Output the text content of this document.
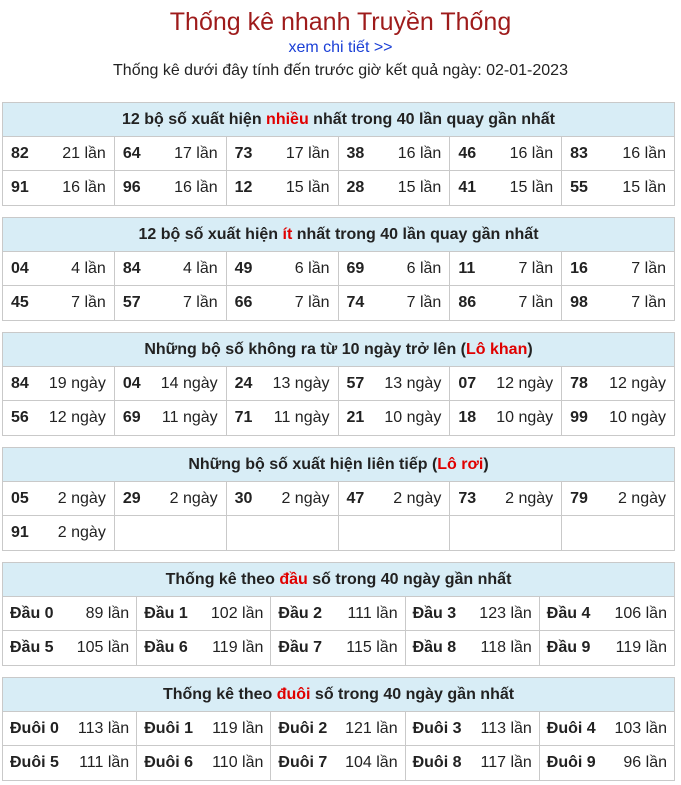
Thống kê nhanh Truyền Thống
xem chi tiết >>
Thống kê dưới đây tính đến trước giờ kết quả ngày: 02-01-2023
12 bộ số xuất hiện nhiều nhất trong 40 lần quay gần nhất
82	21 lần 64	17 lần 73	17 lần 38	16 lần 46	16 lần 83	16 lần
91	16 lần 96	16 lần 12	15 lần 28	15 lần 41	15 lần 55	15 lần
12 bộ số xuất hiện ít nhất trong 40 lần quay gần nhất
04	4 lần 84	4 lần 49	6 lần 69	6 lần 11	7 lần 16	7 lần
45	7 lần 57	7 lần 66	7 lần 74	7 lần 86	7 lần 98	7 lần
Những bộ số không ra từ 10 ngày trở lên (Lô khan)
84	19 ngày 04	14 ngày 24	13 ngày 57	13 ngày 07	12 ngày 78	12 ngày
56	12 ngày 69	11 ngày 71	11 ngày 21	10 ngày 18	10 ngày 99	10 ngày
Những bộ số xuất hiện liên tiếp (Lô rơi)
05	2 ngày 29	2 ngày 30	2 ngày 47	2 ngày 73	2 ngày 79	2 ngày
91	2 ngày
Thống kê theo đầu số trong 40 ngày gần nhất
Đầu 0	89 lần Đầu 1	102 lần Đầu 2	111 lần Đầu 3	123 lần Đầu 4	106 lần
Đầu 5	105 lần Đầu 6	119 lần Đầu 7	115 lần Đầu 8	118 lần Đầu 9	119 lần
Thống kê theo đuôi số trong 40 ngày gần nhất
Đuôi 0	113 lần Đuôi 1	119 lần Đuôi 2	121 lần Đuôi 3	113 lần Đuôi 4	103 lần
Đuôi 5	111 lần Đuôi 6	110 lần Đuôi 7	104 lần Đuôi 8	117 lần Đuôi 9	96 lần
